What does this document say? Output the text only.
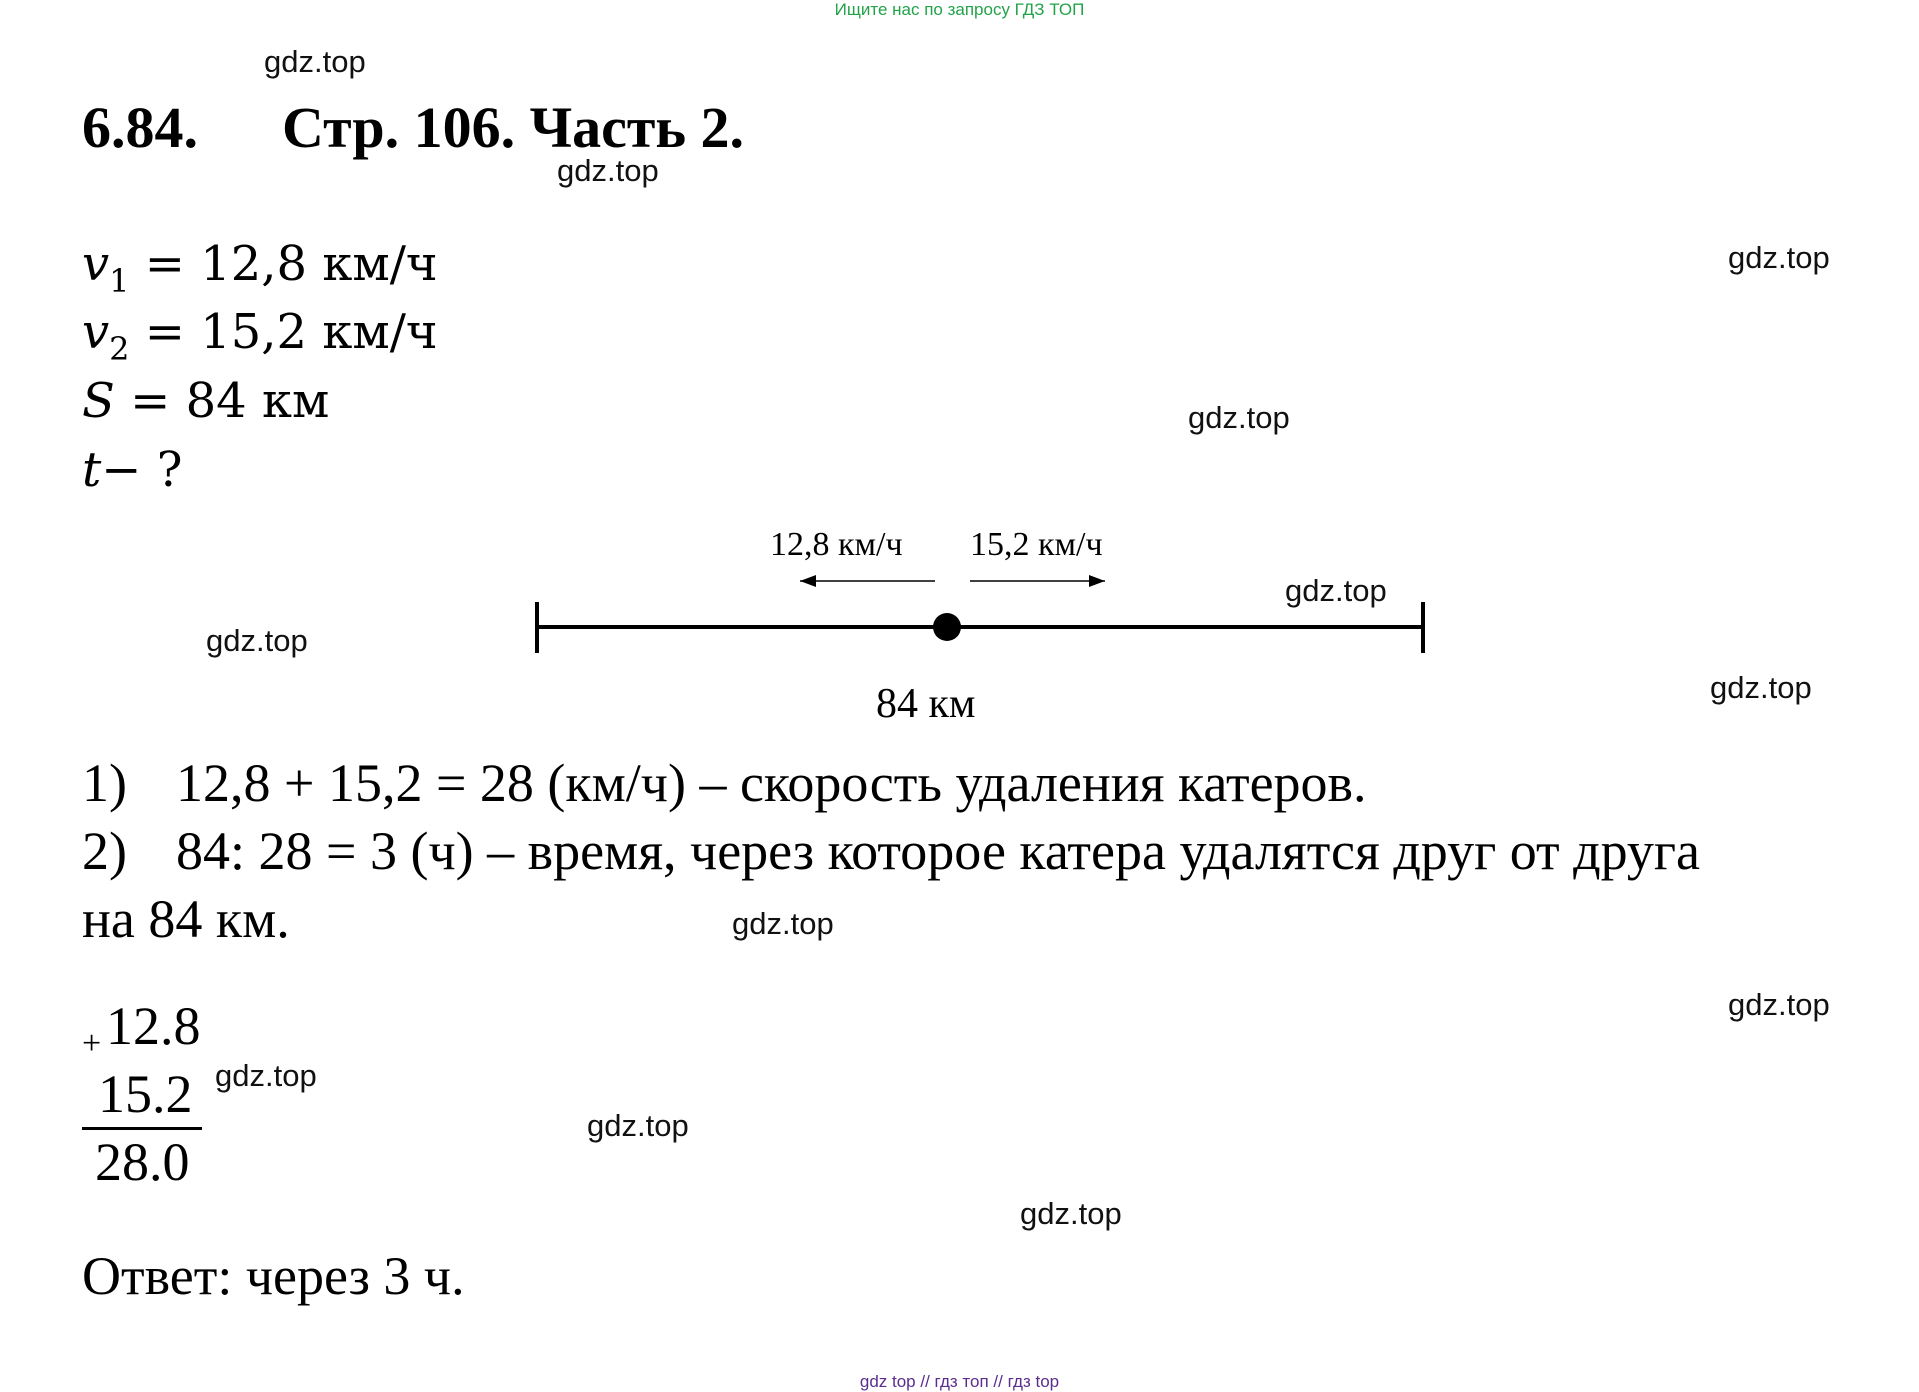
Ищите нас по запросу ГДЗ ТОП
gdz.top
gdz.top
gdz.top
gdz.top
gdz.top
gdz.top
gdz.top
gdz.top
gdz.top
gdz.top
gdz.top
gdz.top
6.84. Стр. 106. Часть 2.
$v_1 = 12,8$ км/ч
$v_2 = 15,2$ км/ч
S = 84 км
t− ?
12,8 км/ч 15,2 км/ч
84 км
1) 12,8 + 15,2 = 28 (км/ч) – скорость удаления катеров.
2) 84: 28 = 3 (ч) – время, через которое катера удалятся друг от друга
на 84 км.
+ 12.8
15.2
28.0
Ответ: через 3 ч.
gdz top // гдз топ // гдз top
